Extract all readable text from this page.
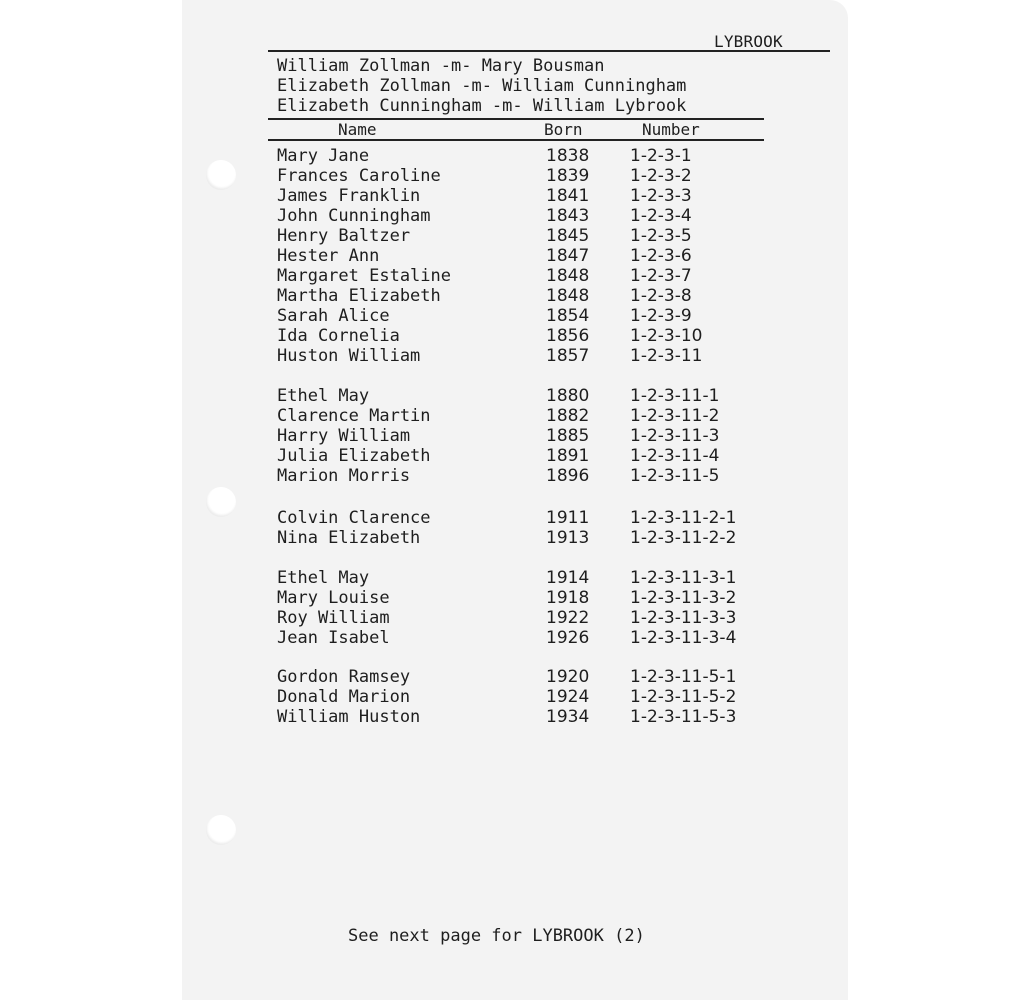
LYBROOK
William Zollman -m- Mary Bousman
Elizabeth Zollman -m- William Cunningham
Elizabeth Cunningham -m- William Lybrook
Name	Born	Number
Mary Jane	1838 1-2-3-1
Frances Caroline	1839 1-2-3-2
James Franklin	1841 1-2-3-3
John Cunningham	1843 1-2-3-4
Henry Baltzer	1845 1-2-3-5
Hester Ann	1847 1-2-3-6
Margaret Estaline	1848 1-2-3-7
Martha Elizabeth	1848 1-2-3-8
Sarah Alice	1854 1-2-3-9
Ida Cornelia	1856 1-2-3-10
Huston William	1857 1-2-3-11
Ethel May	1880 1-2-3-11-1
Clarence Martin	1882 1-2-3-11-2
Harry William	1885 1-2-3-11-3
Julia Elizabeth	1891 1-2-3-11-4
Marion Morris	1896 1-2-3-11-5
Colvin Clarence	1911 1-2-3-11-2-1
Nina Elizabeth	1913 1-2-3-11-2-2
Ethel May	1914 1-2-3-11-3-1
Mary Louise	1918 1-2-3-11-3-2
Roy William	1922 1-2-3-11-3-3
Jean Isabel	1926 1-2-3-11-3-4
Gordon Ramsey	1920 1-2-3-11-5-1
Donald Marion	1924 1-2-3-11-5-2
William Huston	1934 1-2-3-11-5-3
See next page for LYBROOK (2)
